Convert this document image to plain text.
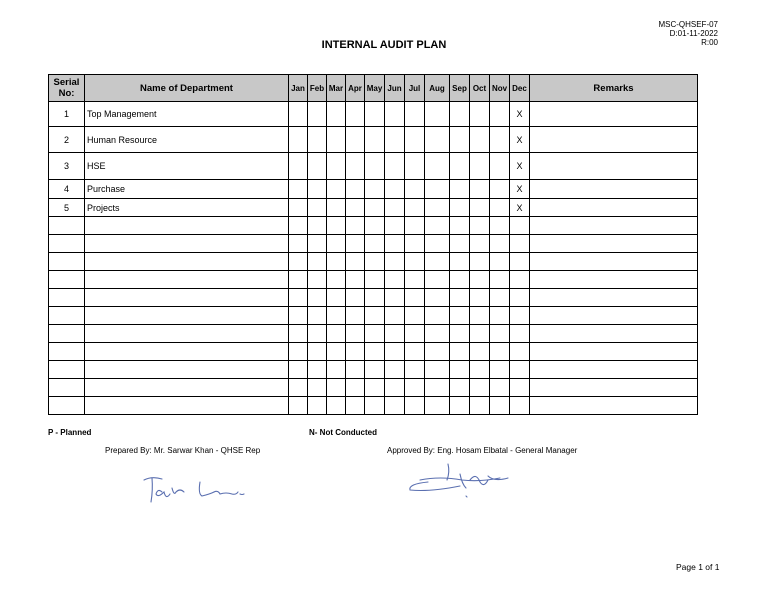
MSC-QHSEF-07
D:01-11-2022
R:00
INTERNAL AUDIT PLAN
Serial No:	Name of Department	Jan	Feb	Mar	Apr	May	Jun	Jul	Aug	Sep	Oct	Nov	Dec	Remarks
1	Top Management												X	
2	Human Resource												X	
3	HSE												X	
4	Purchase												X	
5	Projects												X	

P - Planned	N- Not Conducted
Prepared By: Mr. Sarwar Khan - QHSE Rep	Approved By: Eng. Hosam Elbatal - General Manager
Page 1 of 1
